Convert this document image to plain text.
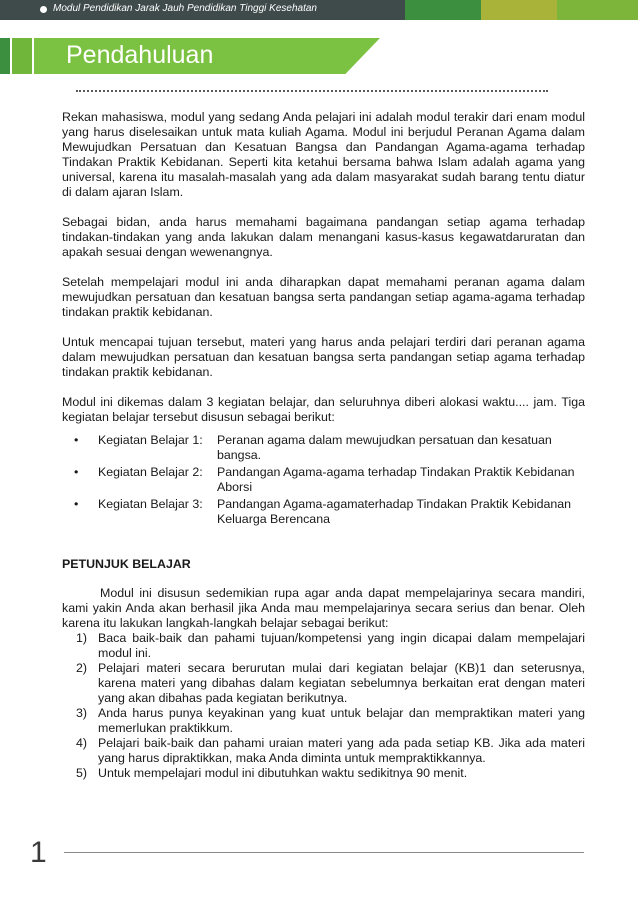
Modul Pendidikan Jarak Jauh Pendidikan Tinggi Kesehatan
Pendahuluan

Rekan mahasiswa, modul yang sedang Anda pelajari ini adalah modul terakir dari enam modul yang harus diselesaikan untuk mata kuliah Agama. Modul ini berjudul Peranan Agama dalam Mewujudkan Persatuan dan Kesatuan Bangsa dan Pandangan Agama-agama terhadap Tindakan Praktik Kebidanan. Seperti kita ketahui bersama bahwa Islam adalah agama yang universal, karena itu masalah-masalah yang ada dalam masyarakat sudah barang tentu diatur di dalam ajaran Islam.

Sebagai bidan, anda harus memahami bagaimana pandangan setiap agama terhadap tindakan-tindakan yang anda lakukan dalam menangani kasus-kasus kegawatdaruratan dan apakah sesuai dengan wewenangnya.

Setelah mempelajari modul ini anda diharapkan dapat memahami peranan agama dalam mewujudkan persatuan dan kesatuan bangsa serta pandangan setiap agama-agama terhadap tindakan praktik kebidanan.

Untuk mencapai tujuan tersebut, materi yang harus anda pelajari terdiri dari peranan agama dalam mewujudkan persatuan dan kesatuan bangsa serta pandangan setiap agama terhadap tindakan praktik kebidanan.

Modul ini dikemas dalam 3 kegiatan belajar, dan seluruhnya diberi alokasi waktu.... jam. Tiga kegiatan belajar tersebut disusun sebagai berikut:

• Kegiatan Belajar 1:	Peranan agama dalam mewujudkan persatuan dan kesatuan bangsa.
• Kegiatan Belajar 2:	Pandangan Agama-agama terhadap Tindakan Praktik Kebidanan Aborsi
• Kegiatan Belajar 3:	Pandangan Agama-agamaterhadap Tindakan Praktik Kebidanan Keluarga Berencana
PETUNJUK BELAJAR

Modul ini disusun sedemikian rupa agar anda dapat mempelajarinya secara mandiri, kami yakin Anda akan berhasil jika Anda mau mempelajarinya secara serius dan benar. Oleh karena itu lakukan langkah-langkah belajar sebagai berikut:

1) Baca baik-baik dan pahami tujuan/kompetensi yang ingin dicapai dalam mempelajari modul ini.
2) Pelajari materi secara berurutan mulai dari kegiatan belajar (KB)1 dan seterusnya, karena materi yang dibahas dalam kegiatan sebelumnya berkaitan erat dengan materi yang akan dibahas pada kegiatan berikutnya.
3) Anda harus punya keyakinan yang kuat untuk belajar dan mempraktikan materi yang memerlukan praktikkum.
4) Pelajari baik-baik dan pahami uraian materi yang ada pada setiap KB. Jika ada materi yang harus dipraktikkan, maka Anda diminta untuk mempraktikkannya.
5) Untuk mempelajari modul ini dibutuhkan waktu sedikitnya 90 menit.
1
